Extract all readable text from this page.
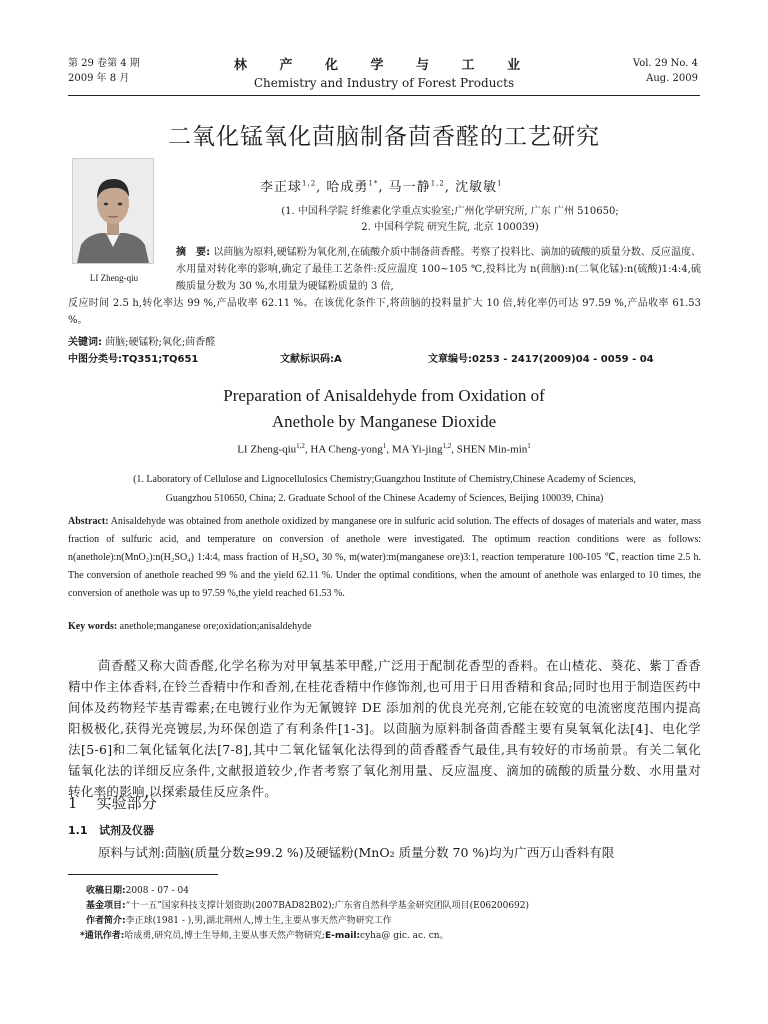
第 29 卷第 4 期
2009 年 8 月
林 产 化 学 与 工 业
Chemistry and Industry of Forest Products
Vol. 29 No. 4
Aug. 2009
二氧化锰氧化茴脑制备茴香醛的工艺研究
LI Zheng-qiu
李正球$^{1,2}$, 哈成勇$^{1*}$, 马一静$^{1,2}$, 沈敏敏$^1$
(1. 中国科学院 纤维素化学重点实验室;广州化学研究所, 广东 广州 510650;
2. 中国科学院 研究生院, 北京 100039)
摘　要: 以茴脑为原料,硬锰粉为氧化剂,在硫酸介质中制备茴香醛。考察了投料比、滴加的硫酸的质量分数、反应温度、水用量对转化率的影响,确定了最佳工艺条件:反应温度 100~105 ℃,投料比为 n(茴脑):n(二氧化锰):n(硫酸)1:4:4,硫酸质量分数为 30 %,水用量为硬锰粉质量的 3 倍,
反应时间 2.5 h,转化率达 99 %,产品收率 62.11 %。在该优化条件下,将茴脑的投料量扩大 10 倍,转化率仍可达 97.59 %,产品收率 61.53 %。
关键词: 茴脑;硬锰粉;氧化;茴香醛
中图分类号:TQ351;TQ651	文献标识码:A	文章编号:0253 - 2417(2009)04 - 0059 - 04
Preparation of Anisaldehyde from Oxidation of
Anethole by Manganese Dioxide
LI Zheng-qiu$^{1,2}$, HA Cheng-yong$^1$, MA Yi-jing$^{1,2}$, SHEN Min-$\min^1$
(1. Laboratory of Cellulose and Lignocellulosics Chemistry;Guangzhou Institute of Chemistry,Chinese Academy of Sciences,
Guangzhou 510650, China; 2. Graduate School of the Chinese Academy of Sciences, Beijing 100039, China)
Abstract: Anisaldehyde was obtained from anethole oxidized by manganese ore in sulfuric acid solution. The effects of dosages of materials and water, mass fraction of sulfuric acid, and temperature on conversion of anethole were investigated. The optimum reaction conditions were as follows: n(anethole):n(MnO₂):n(H₂SO₄) 1:4:4, mass fraction of H₂SO₄ 30 %, m(water):m(manganese ore)3:1, reaction temperature 100-105 ℃, reaction time 2.5 h. The conversion of anethole reached 99 % and the yield 62.11 %. Under the optimal conditions, when the amount of anethole was enlarged to 10 times, the conversion of anethole was up to 97.59 %,the yield reached 61.53 %.
Key words: anethole;manganese ore;oxidation;anisaldehyde
茴香醛又称大茴香醛,化学名称为对甲氧基苯甲醛,广泛用于配制花香型的香料。在山楂花、葵花、紫丁香香精中作主体香料,在铃兰香精中作和香剂,在桂花香精中作修饰剂,也可用于日用香精和食品;同时也用于制造医药中间体及药物羟苄基青霉素;在电镀行业作为无氰镀锌 DE 添加剂的优良光亮剂,它能在较宽的电流密度范围内提高阳极极化,获得光亮镀层,为环保创造了有利条件[1-3]。以茴脑为原料制备茴香醛主要有臭氧氧化法[4]、电化学法[5-6]和二氧化锰氧化法[7-8],其中二氧化锰氧化法得到的茴香醛香气最佳,具有较好的市场前景。有关二氧化锰氧化法的详细反应条件,文献报道较少,作者考察了氧化剂用量、反应温度、滴加的硫酸的质量分数、水用量对转化率的影响,以探索最佳反应条件。
1 实验部分
1.1 试剂及仪器
原料与试剂:茴脑(质量分数≥99.2 %)及硬锰粉(MnO₂ 质量分数 70 %)均为广西万山香料有限
收稿日期:2008 - 07 - 04
基金项目:“十一五”国家科技支撑计划资助(2007BAD82B02);广东省自然科学基金研究团队项目(E06200692)
作者简介:李正球(1981 - ),男,湖北荆州人,博士生,主要从事天然产物研究工作
*通讯作者:哈成勇,研究员,博士生导师,主要从事天然产物研究;E-mail:cyha@ gic. ac. cn。
